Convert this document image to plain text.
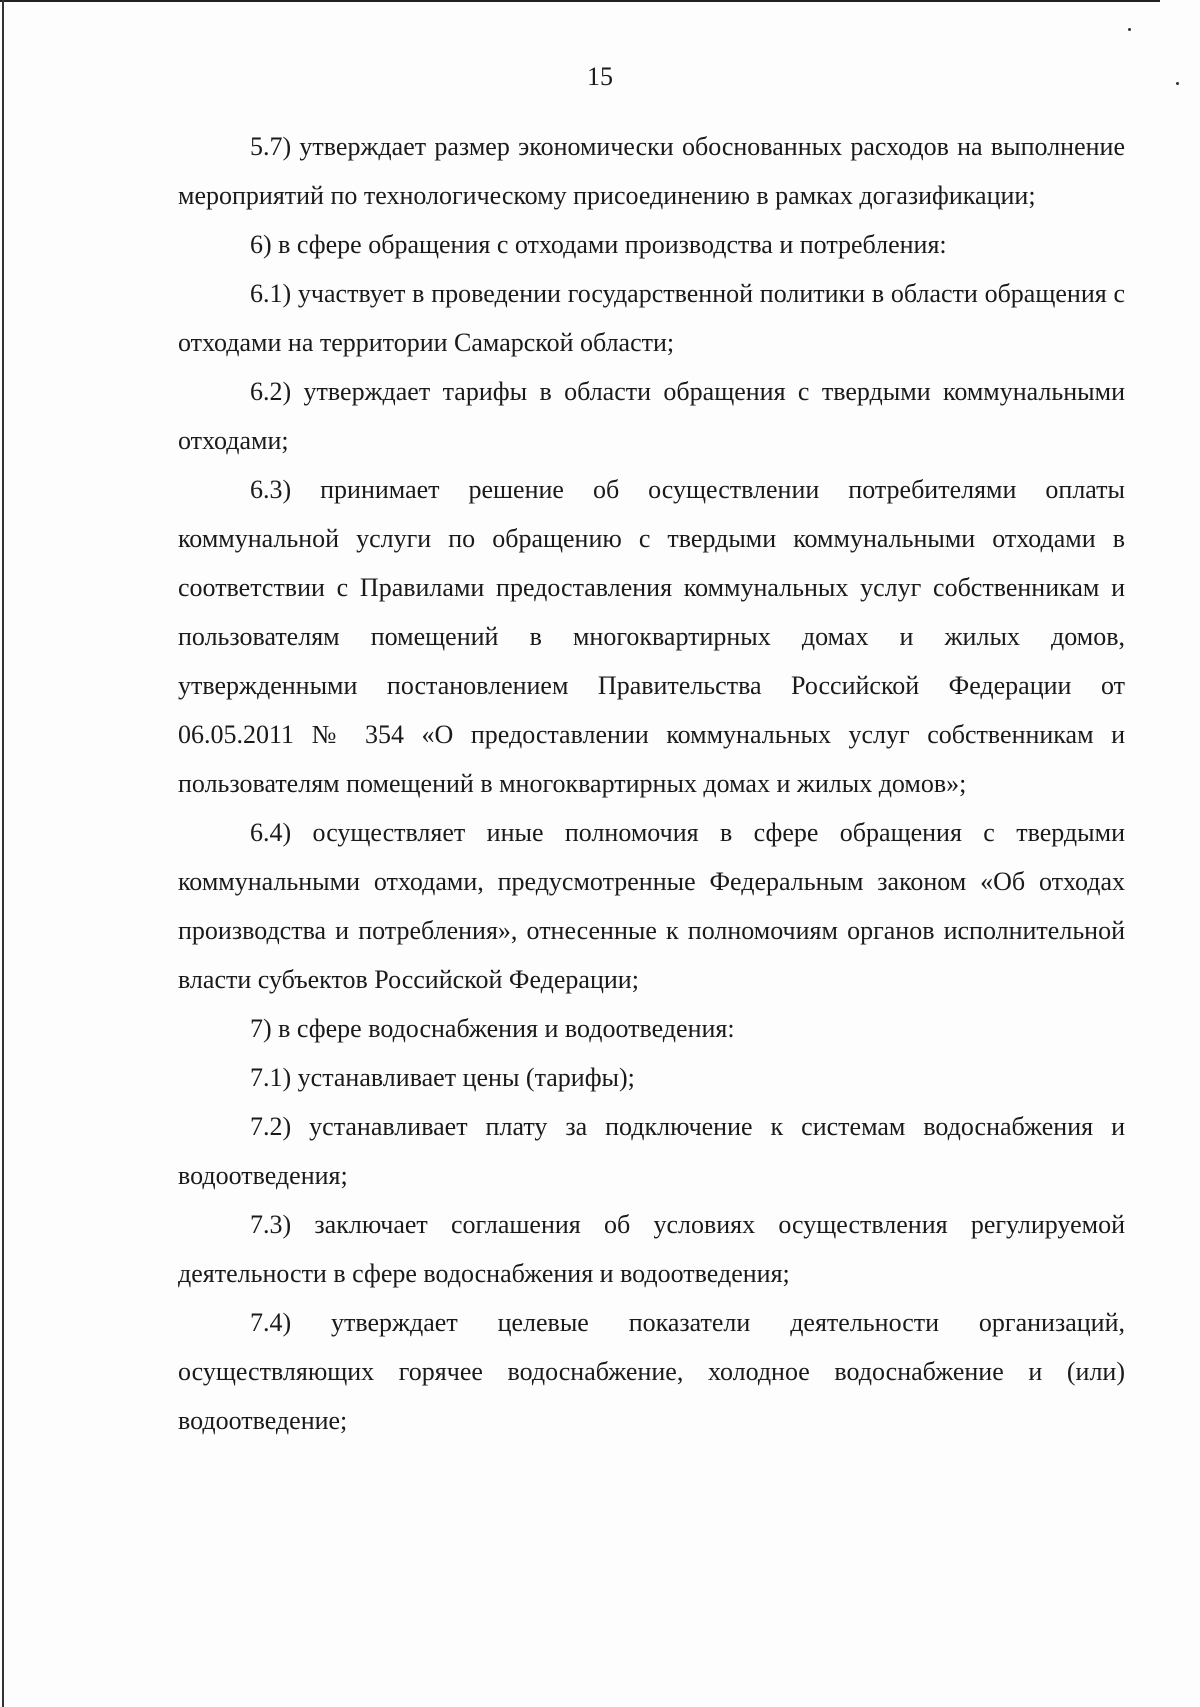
15

5.7) утверждает размер экономически обоснованных расходов на выполнение мероприятий по технологическому присоединению в рамках догазификации;

6) в сфере обращения с отходами производства и потребления:

6.1) участвует в проведении государственной политики в области обращения с отходами на территории Самарской области;

6.2) утверждает тарифы в области обращения с твердыми коммунальными отходами;

6.3) принимает решение об осуществлении потребителями оплаты коммунальной услуги по обращению с твердыми коммунальными отходами в соответствии с Правилами предоставления коммунальных услуг собственникам и пользователям помещений в многоквартирных домах и жилых домов, утвержденными постановлением Правительства Российской Федерации от 06.05.2011 № 354 «О предоставлении коммунальных услуг собственникам и пользователям помещений в многоквартирных домах и жилых домов»;

6.4) осуществляет иные полномочия в сфере обращения с твердыми коммунальными отходами, предусмотренные Федеральным законом «Об отходах производства и потребления», отнесенные к полномочиям органов исполнительной власти субъектов Российской Федерации;

7) в сфере водоснабжения и водоотведения:

7.1) устанавливает цены (тарифы);

7.2) устанавливает плату за подключение к системам водоснабжения и водоотведения;

7.3) заключает соглашения об условиях осуществления регулируемой деятельности в сфере водоснабжения и водоотведения;

7.4) утверждает целевые показатели деятельности организаций, осуществляющих горячее водоснабжение, холодное водоснабжение и (или) водоотведение;
